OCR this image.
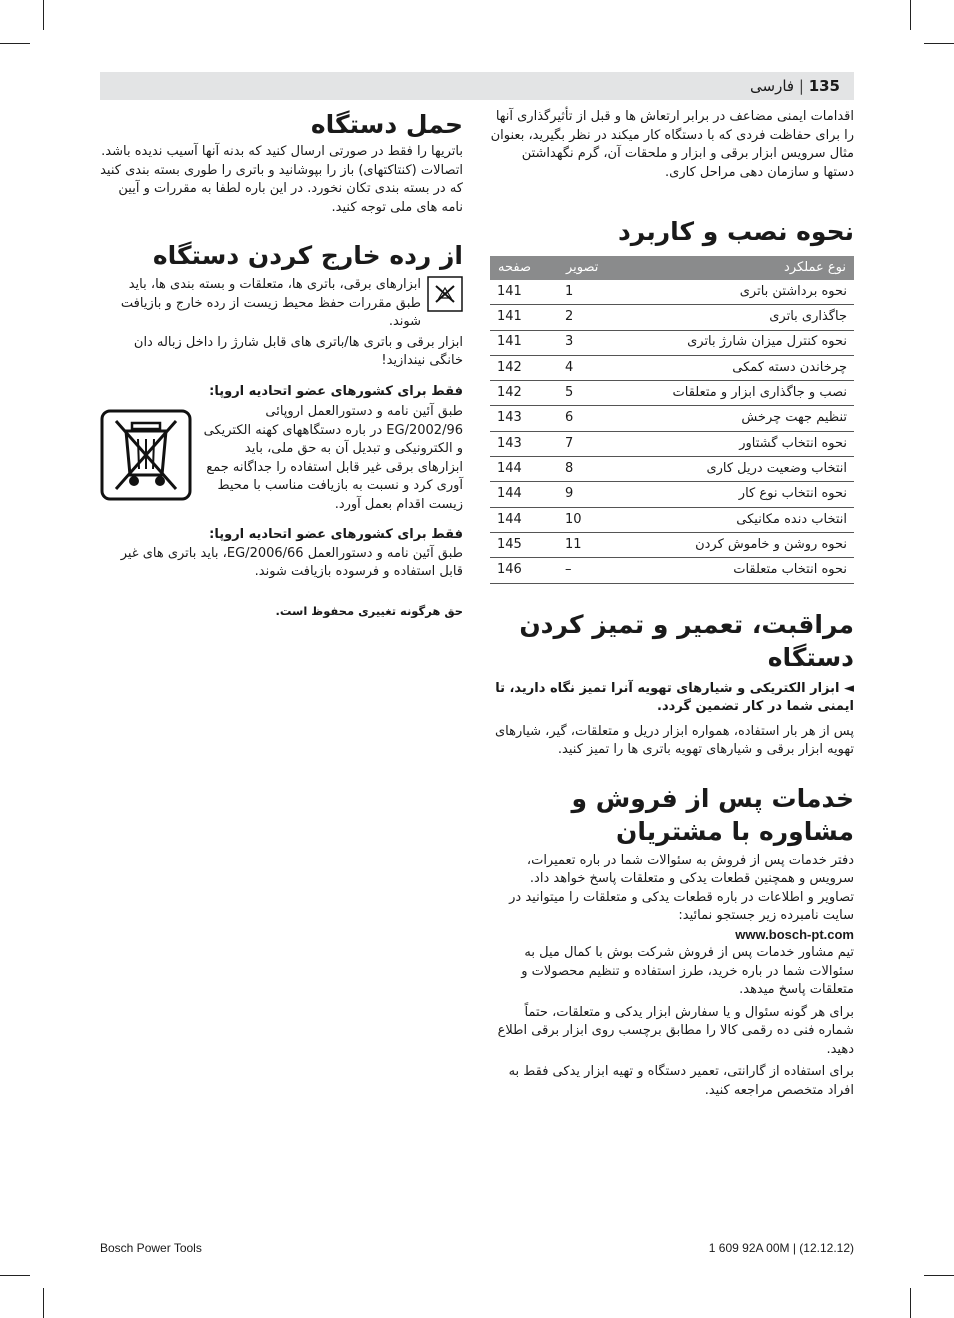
135 | فارسی

اقدامات ایمنی مضاعف در برابر ارتعاش ها و قبل از تأثیرگذاری آنها را برای حفاظت فردی که با دستگاه کار میکند در نظر بگیرید، بعنوان مثال سرویس ابزار برقی و ابزار و ملحقات آن، گرم نگهداشتن دستها و سازمان دهی مراحل کاری.

نحوه نصب و کاربرد
نوع عملکرد	تصویر	صفحه
نحوه برداشتن باتری	1	141
جاگذاری باتری	2	141
نحوه کنترل میزان شارژ باتری	3	141
چرخاندن دسته کمکی	4	142
نصب و جاگذاری ابزار و متعلقات	5	142
تنظیم جهت چرخش	6	143
نحوه انتخاب گشتاور	7	143
انتخاب وضعیت دریل کاری	8	144
نحوه انتخاب نوع کار	9	144
انتخاب دنده مکانیکی	10	144
نحوه روشن و خاموش کردن	11	145
نحوه انتخاب متعلقات	–	146
مراقبت، تعمیر و تمیز کردن دستگاه

◄ ابزار الکتریکی و شیارهای تهویه آنرا تمیز نگاه دارید، تا ایمنی شما در کار تضمین گردد.

پس از هر بار استفاده، همواره ابزار دریل و متعلقات، گیر، شیارهای تهویه ابزار برقی و شیارهای تهویه باتری ها را تمیز کنید.

خدمات پس از فروش و مشاوره با مشتریان

دفتر خدمات پس از فروش به سئوالات شما در باره تعمیرات، سرویس و همچنین قطعات یدکی و متعلقات پاسخ خواهد داد. تصاویر و اطلاعات در باره قطعات یدکی و متعلقات را میتوانید در سایت نامبرده زیر جستجو نمائید:

www.bosch-pt.com

تیم مشاور خدمات پس از فروش شرکت بوش با کمال میل به سئوالات شما در باره خرید، طرز استفاده و تنظیم محصولات و متعلقات پاسخ میدهد.

برای هر گونه سئوال و یا سفارش ابزار یدکی و متعلقات، حتماً شماره فنی ده رقمی کالا را مطابق برچسب روی ابزار برقی اطلاع دهید.

برای استفاده از گارانتی، تعمیر دستگاه و تهیه ابزار یدکی فقط به افراد متخصص مراجعه کنید.

حمل دستگاه

باتریها را فقط در صورتی ارسال کنید که بدنه آنها آسیب ندیده باشد. اتصالات (کنتاکتهای) باز را بپوشانید و باتری را طوری بسته بندی کنید که در بسته بندی تکان نخورد. در این باره لطفا به مقررات و آیین نامه های ملی توجه کنید.

از رده خارج کردن دستگاه

ابزارهای برقی، باتری ها، متعلقات و بسته بندی ها، باید طبق مقررات حفظ محیط زیست از رده خارج و بازیافت شوند.

ابزار برقی و باتری ها/باتری های قابل شارژ را داخل زباله دان خانگی نیندازید!

فقط برای کشورهای عضو اتحادیه اروپا:

طبق آئین نامه و دستورالعمل اروپائی 2002/96/EG در باره دستگاههای کهنه الکتریکی و الکترونیکی و تبدیل آن به حق ملی، باید ابزارهای برقی غیر قابل استفاده را جداگانه جمع آوری کرد و نسبت به بازیافت مناسب با محیط زیست اقدام بعمل آورد.

فقط برای کشورهای عضو اتحادیه اروپا:

طبق آئین نامه و دستورالعمل 2006/66/EG، باید باتری های غیر قابل استفاده و فرسوده بازیافت شوند.

حق هرگونه تغییری محفوظ است.

Bosch Power Tools	1 609 92A 00M | (12.12.12)
